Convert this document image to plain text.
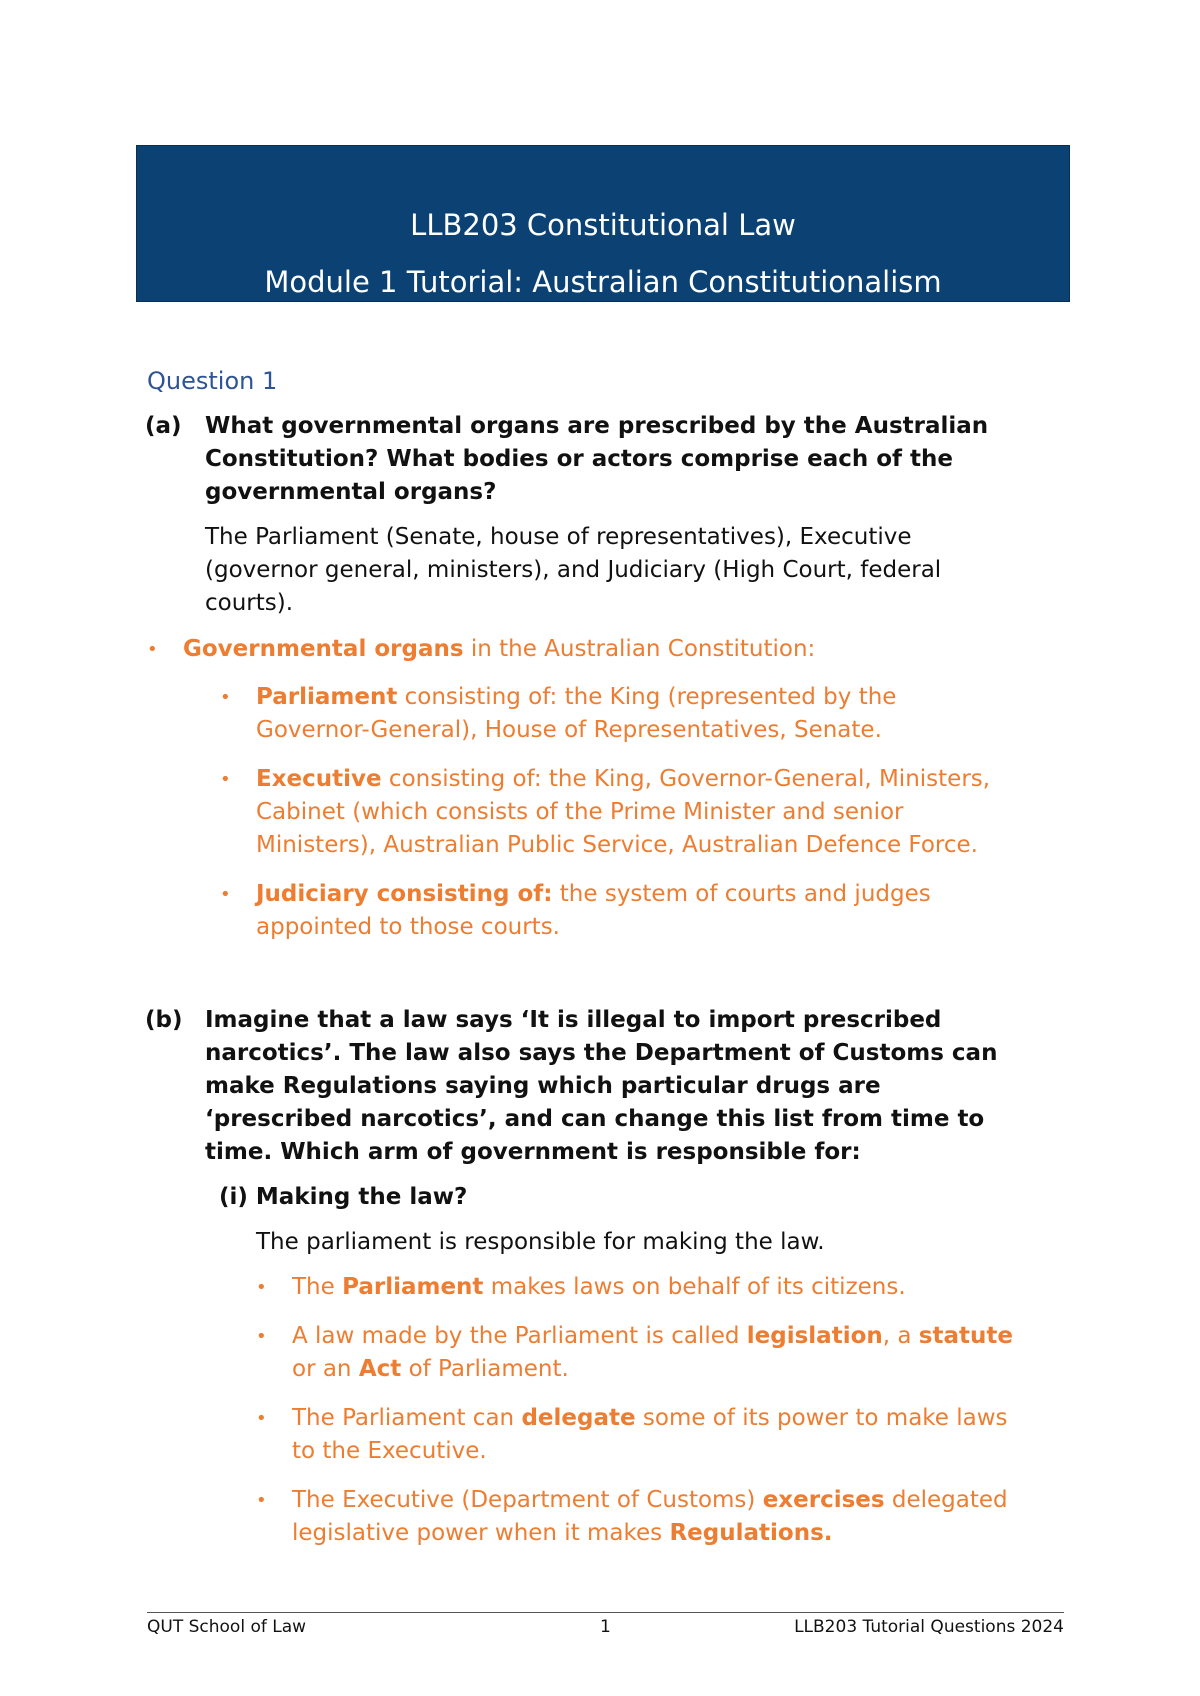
LLB203 Constitutional Law
Module 1 Tutorial: Australian Constitutionalism
Question 1
(a) What governmental organs are prescribed by the Australian
Constitution? What bodies or actors comprise each of the
governmental organs?
The Parliament (Senate, house of representatives), Executive
(governor general, ministers), and Judiciary (High Court, federal
courts).
• Governmental organs in the Australian Constitution:
• Parliament consisting of: the King (represented by the
Governor-General), House of Representatives, Senate.
• Executive consisting of: the King, Governor-General, Ministers,
Cabinet (which consists of the Prime Minister and senior
Ministers), Australian Public Service, Australian Defence Force.
• Judiciary consisting of: the system of courts and judges
appointed to those courts.
(b) Imagine that a law says ‘It is illegal to import prescribed
narcotics’. The law also says the Department of Customs can
make Regulations saying which particular drugs are
‘prescribed narcotics’, and can change this list from time to
time. Which arm of government is responsible for:
(i) Making the law?
The parliament is responsible for making the law.
• The Parliament makes laws on behalf of its citizens.
• A law made by the Parliament is called legislation, a statute
or an Act of Parliament.
• The Parliament can delegate some of its power to make laws
to the Executive.
• The Executive (Department of Customs) exercises delegated
legislative power when it makes Regulations.
QUT School of Law	1	LLB203 Tutorial Questions 2024
